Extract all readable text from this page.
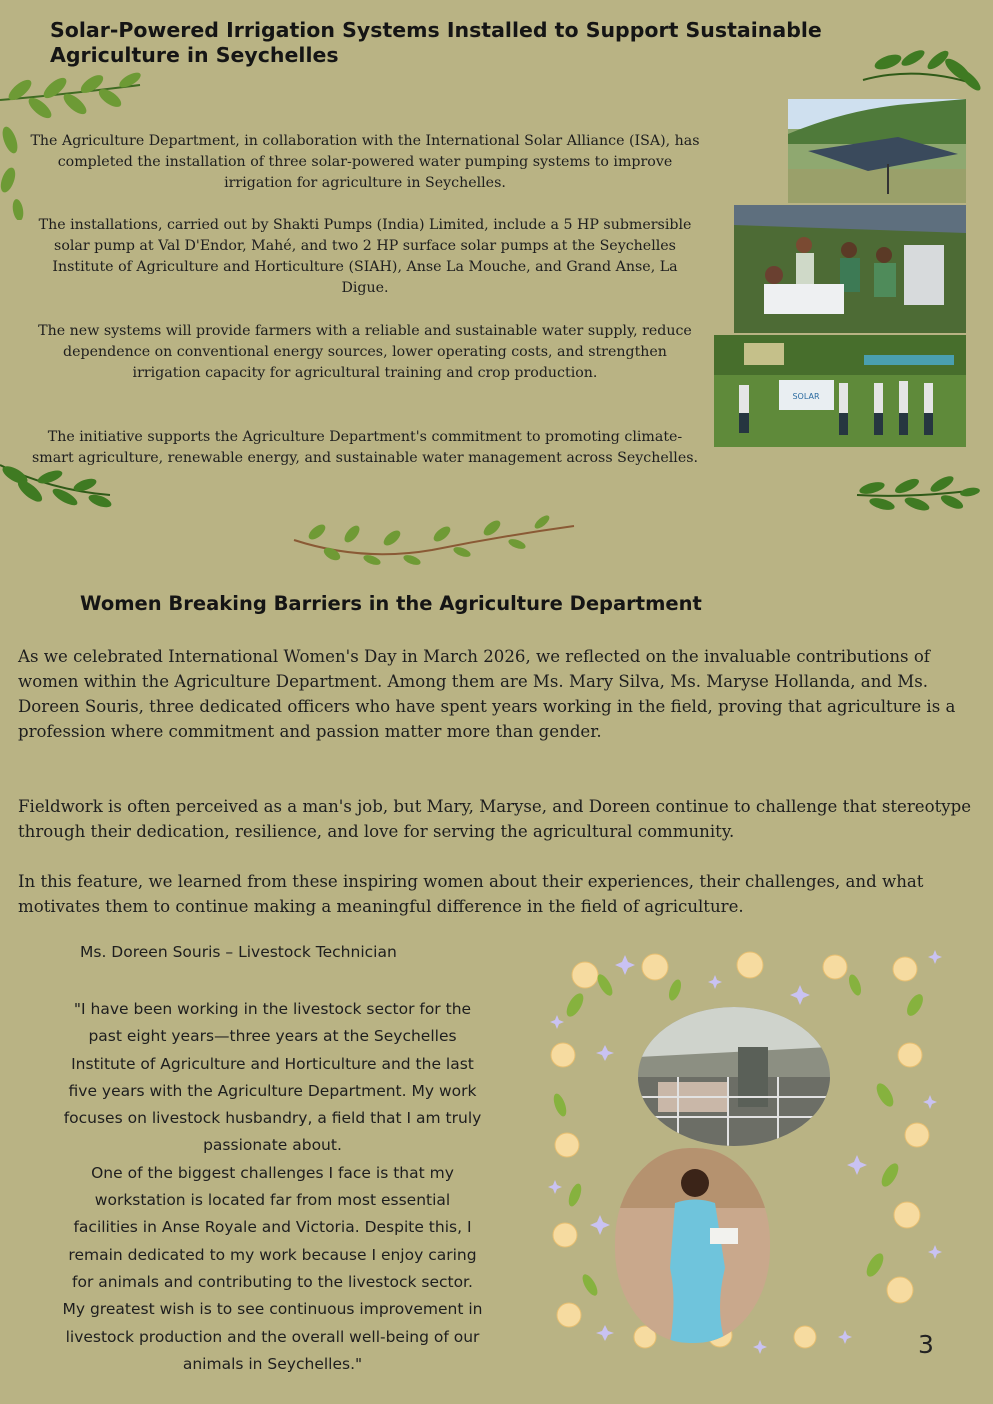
Solar-Powered Irrigation Systems Installed to Support Sustainable
Agriculture in Seychelles

The Agriculture Department, in collaboration with the International Solar Alliance (ISA), has completed the installation of three solar-powered water pumping systems to improve irrigation for agriculture in Seychelles.

The installations, carried out by Shakti Pumps (India) Limited, include a 5 HP submersible solar pump at Val D'Endor, Mahé, and two 2 HP surface solar pumps at the Seychelles Institute of Agriculture and Horticulture (SIAH), Anse La Mouche, and Grand Anse, La Digue.

The new systems will provide farmers with a reliable and sustainable water supply, reduce dependence on conventional energy sources, lower operating costs, and strengthen irrigation capacity for agricultural training and crop production.

The initiative supports the Agriculture Department's commitment to promoting climate-smart agriculture, renewable energy, and sustainable water management across Seychelles.

SOLAR
Women Breaking Barriers in the Agriculture Department

As we celebrated International Women's Day in March 2026, we reflected on the invaluable contributions of women within the Agriculture Department. Among them are Ms. Mary Silva, Ms. Maryse Hollanda, and Ms. Doreen Souris, three dedicated officers who have spent years working in the field, proving that agriculture is a profession where commitment and passion matter more than gender.

Fieldwork is often perceived as a man's job, but Mary, Maryse, and Doreen continue to challenge that stereotype through their dedication, resilience, and love for serving the agricultural community.

In this feature, we learned from these inspiring women about their experiences, their challenges, and what motivates them to continue making a meaningful difference in the field of agriculture.

Ms. Doreen Souris – Livestock Technician
"I have been working in the livestock sector for the
past eight years—three years at the Seychelles
Institute of Agriculture and Horticulture and the last
five years with the Agriculture Department. My work
focuses on livestock husbandry, a field that I am truly
passionate about.
One of the biggest challenges I face is that my
workstation is located far from most essential
facilities in Anse Royale and Victoria. Despite this, I
remain dedicated to my work because I enjoy caring
for animals and contributing to the livestock sector.
My greatest wish is to see continuous improvement in
livestock production and the overall well-being of our
animals in Seychelles."
3
